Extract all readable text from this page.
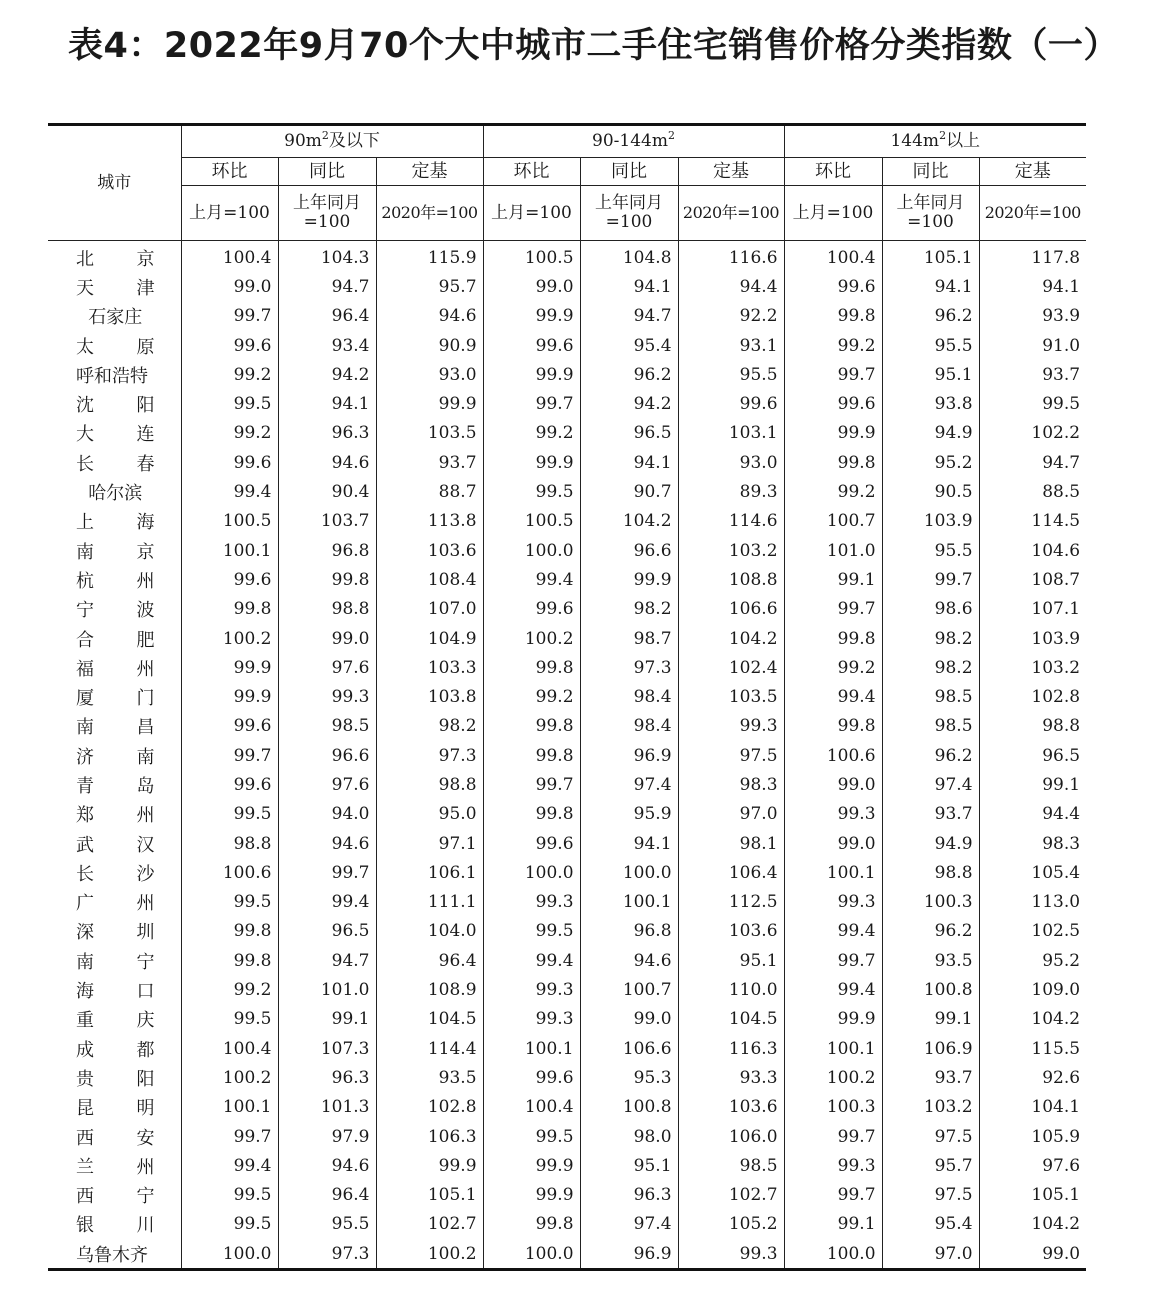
表4：2022年9月70个大中城市二手住宅销售价格分类指数（一）
城市	$90m^2$及以下			$90-144m^2$			$144m^2$以上		
	环比	同比	定基	环比	同比	定基	环比	同比	定基
	上月=100	上年同月
=100	2020年=100	上月=100	上年同月
=100	2020年=100	上月=100	上年同月
=100	2020年=100

北 京	100.4	104.3	115.9	100.5	104.8	116.6	100.4	105.1	117.8

天 津	99.0	94.7	95.7	99.0	94.1	94.4	99.6	94.1	94.1

石家庄	99.7	96.4	94.6	99.9	94.7	92.2	99.8	96.2	93.9

太 原	99.6	93.4	90.9	99.6	95.4	93.1	99.2	95.5	91.0

呼和浩特	99.2	94.2	93.0	99.9	96.2	95.5	99.7	95.1	93.7

沈 阳	99.5	94.1	99.9	99.7	94.2	99.6	99.6	93.8	99.5

大 连	99.2	96.3	103.5	99.2	96.5	103.1	99.9	94.9	102.2

长 春	99.6	94.6	93.7	99.9	94.1	93.0	99.8	95.2	94.7

哈尔滨	99.4	90.4	88.7	99.5	90.7	89.3	99.2	90.5	88.5

上 海	100.5	103.7	113.8	100.5	104.2	114.6	100.7	103.9	114.5

南 京	100.1	96.8	103.6	100.0	96.6	103.2	101.0	95.5	104.6

杭 州	99.6	99.8	108.4	99.4	99.9	108.8	99.1	99.7	108.7

宁 波	99.8	98.8	107.0	99.6	98.2	106.6	99.7	98.6	107.1

合 肥	100.2	99.0	104.9	100.2	98.7	104.2	99.8	98.2	103.9

福 州	99.9	97.6	103.3	99.8	97.3	102.4	99.2	98.2	103.2

厦 门	99.9	99.3	103.8	99.2	98.4	103.5	99.4	98.5	102.8

南 昌	99.6	98.5	98.2	99.8	98.4	99.3	99.8	98.5	98.8

济 南	99.7	96.6	97.3	99.8	96.9	97.5	100.6	96.2	96.5

青 岛	99.6	97.6	98.8	99.7	97.4	98.3	99.0	97.4	99.1

郑 州	99.5	94.0	95.0	99.8	95.9	97.0	99.3	93.7	94.4

武 汉	98.8	94.6	97.1	99.6	94.1	98.1	99.0	94.9	98.3

长 沙	100.6	99.7	106.1	100.0	100.0	106.4	100.1	98.8	105.4

广 州	99.5	99.4	111.1	99.3	100.1	112.5	99.3	100.3	113.0

深 圳	99.8	96.5	104.0	99.5	96.8	103.6	99.4	96.2	102.5

南 宁	99.8	94.7	96.4	99.4	94.6	95.1	99.7	93.5	95.2

海 口	99.2	101.0	108.9	99.3	100.7	110.0	99.4	100.8	109.0

重 庆	99.5	99.1	104.5	99.3	99.0	104.5	99.9	99.1	104.2

成 都	100.4	107.3	114.4	100.1	106.6	116.3	100.1	106.9	115.5

贵 阳	100.2	96.3	93.5	99.6	95.3	93.3	100.2	93.7	92.6

昆 明	100.1	101.3	102.8	100.4	100.8	103.6	100.3	103.2	104.1

西 安	99.7	97.9	106.3	99.5	98.0	106.0	99.7	97.5	105.9

兰 州	99.4	94.6	99.9	99.9	95.1	98.5	99.3	95.7	97.6

西 宁	99.5	96.4	105.1	99.9	96.3	102.7	99.7	97.5	105.1

银 川	99.5	95.5	102.7	99.8	97.4	105.2	99.1	95.4	104.2

乌鲁木齐	100.0	97.3	100.2	100.0	96.9	99.3	100.0	97.0	99.0
